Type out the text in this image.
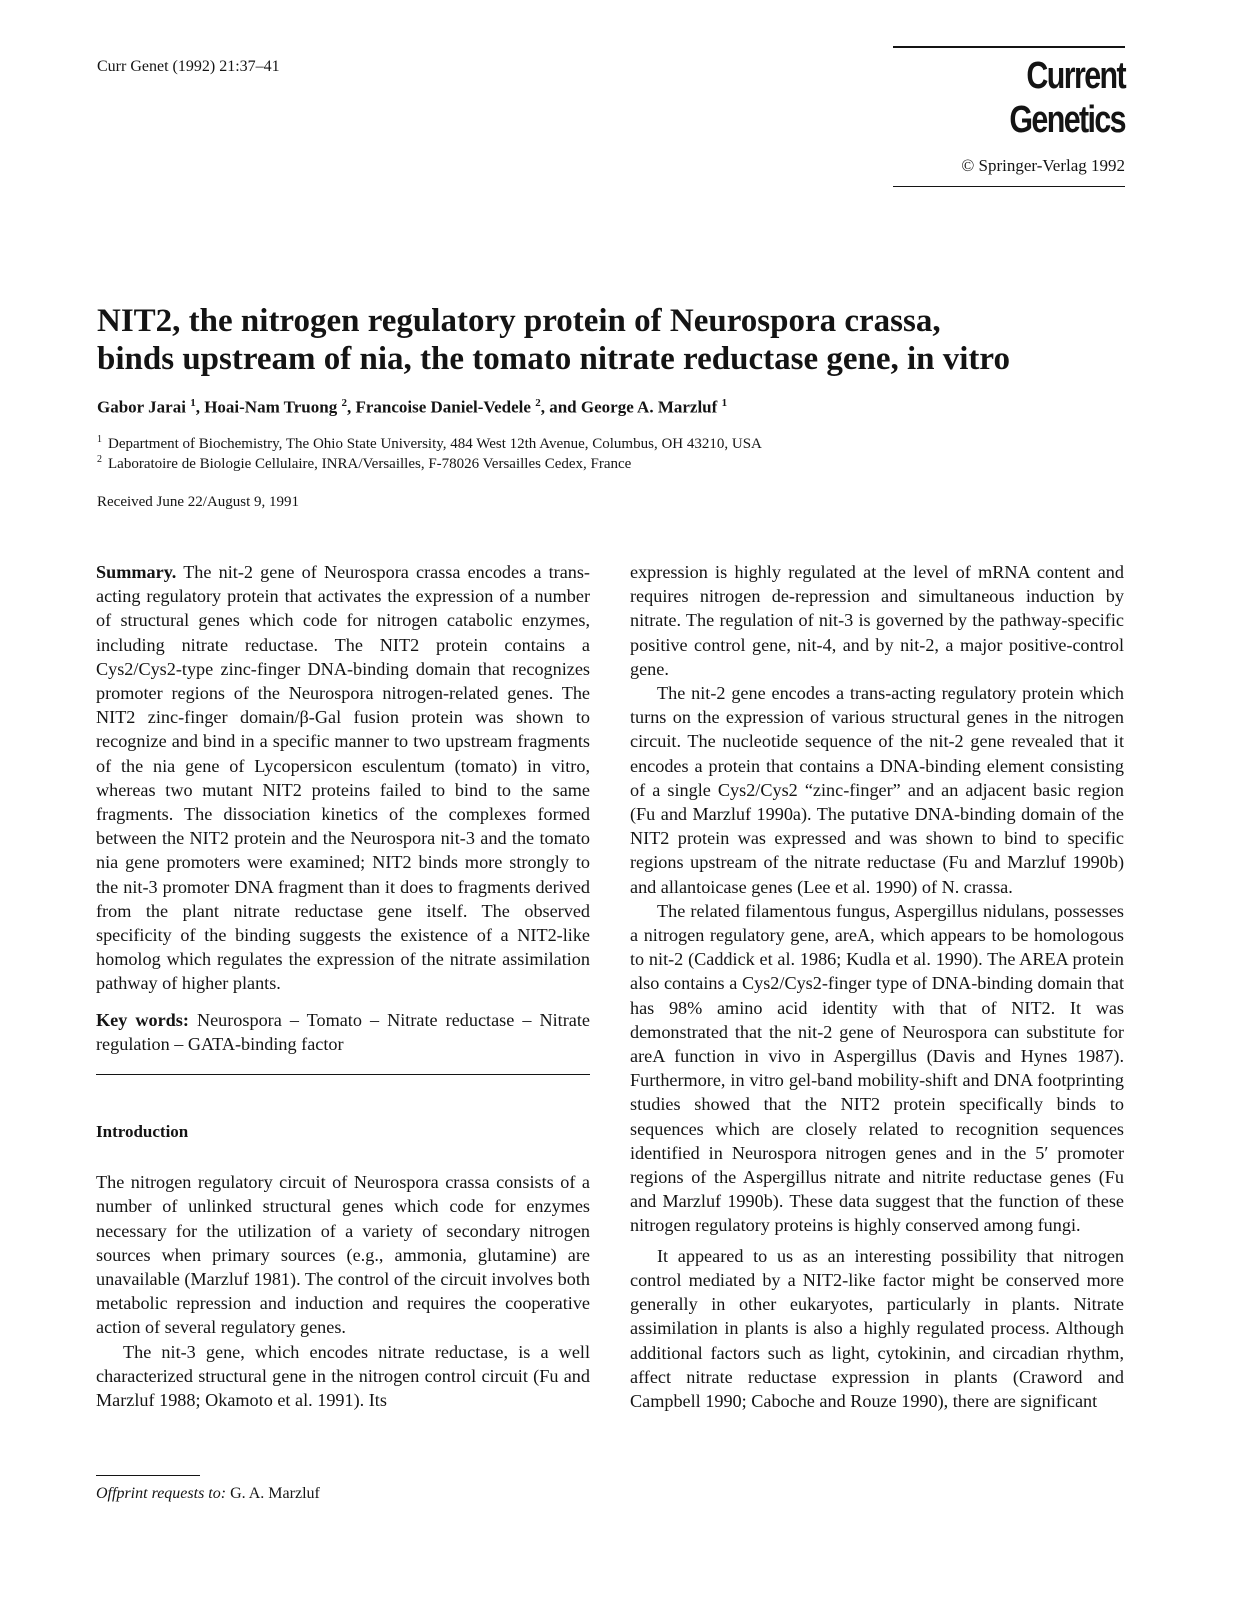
Curr Genet (1992) 21:37–41	Current Genetics
© Springer-Verlag 1992
NIT2, the nitrogen regulatory protein of Neurospora crassa,
binds upstream of nia, the tomato nitrate reductase gene, in vitro
Gabor Jarai $^1$, Hoai-Nam Truong $^2$, Francoise Daniel-Vedele $^2$, and George A. Marzluf $^1$
$^1$ Department of Biochemistry, The Ohio State University, 484 West 12th Avenue, Columbus, OH 43210, USA
$^2$ Laboratoire de Biologie Cellulaire, INRA/Versailles, F-78026 Versailles Cedex, France
Received June 22/August 9, 1991

Summary. The nit-2 gene of Neurospora crassa encodes a trans-acting regulatory protein that activates the expression of a number of structural genes which code for nitrogen catabolic enzymes, including nitrate reductase. The NIT2 protein contains a Cys2/Cys2-type zinc-finger DNA-binding domain that recognizes promoter regions of the Neurospora nitrogen-related genes. The NIT2 zinc-finger domain/β-Gal fusion protein was shown to recognize and bind in a specific manner to two upstream fragments of the nia gene of Lycopersicon esculentum (tomato) in vitro, whereas two mutant NIT2 proteins failed to bind to the same fragments. The dissociation kinetics of the complexes formed between the NIT2 protein and the Neurospora nit-3 and the tomato nia gene promoters were examined; NIT2 binds more strongly to the nit-3 promoter DNA fragment than it does to fragments derived from the plant nitrate reductase gene itself. The observed specificity of the binding suggests the existence of a NIT2-like homolog which regulates the expression of the nitrate assimilation pathway of higher plants.

Key words: Neurospora – Tomato – Nitrate reductase – Nitrate regulation – GATA-binding factor

Introduction

The nitrogen regulatory circuit of Neurospora crassa consists of a number of unlinked structural genes which code for enzymes necessary for the utilization of a variety of secondary nitrogen sources when primary sources (e.g., ammonia, glutamine) are unavailable (Marzluf 1981). The control of the circuit involves both metabolic repression and induction and requires the cooperative action of several regulatory genes.

The nit-3 gene, which encodes nitrate reductase, is a well characterized structural gene in the nitrogen control circuit (Fu and Marzluf 1988; Okamoto et al. 1991). Its

expression is highly regulated at the level of mRNA content and requires nitrogen de-repression and simultaneous induction by nitrate. The regulation of nit-3 is governed by the pathway-specific positive control gene, nit-4, and by nit-2, a major positive-control gene.

The nit-2 gene encodes a trans-acting regulatory protein which turns on the expression of various structural genes in the nitrogen circuit. The nucleotide sequence of the nit-2 gene revealed that it encodes a protein that contains a DNA-binding element consisting of a single Cys2/Cys2 “zinc-finger” and an adjacent basic region (Fu and Marzluf 1990a). The putative DNA-binding domain of the NIT2 protein was expressed and was shown to bind to specific regions upstream of the nitrate reductase (Fu and Marzluf 1990b) and allantoicase genes (Lee et al. 1990) of N. crassa.

The related filamentous fungus, Aspergillus nidulans, possesses a nitrogen regulatory gene, areA, which appears to be homologous to nit-2 (Caddick et al. 1986; Kudla et al. 1990). The AREA protein also contains a Cys2/Cys2-finger type of DNA-binding domain that has 98% amino acid identity with that of NIT2. It was demonstrated that the nit-2 gene of Neurospora can substitute for areA function in vivo in Aspergillus (Davis and Hynes 1987). Furthermore, in vitro gel-band mobility-shift and DNA footprinting studies showed that the NIT2 protein specifically binds to sequences which are closely related to recognition sequences identified in Neurospora nitrogen genes and in the 5′ promoter regions of the Aspergillus nitrate and nitrite reductase genes (Fu and Marzluf 1990b). These data suggest that the function of these nitrogen regulatory proteins is highly conserved among fungi.

It appeared to us as an interesting possibility that nitrogen control mediated by a NIT2-like factor might be conserved more generally in other eukaryotes, particularly in plants. Nitrate assimilation in plants is also a highly regulated process. Although additional factors such as light, cytokinin, and circadian rhythm, affect nitrate reductase expression in plants (Craword and Campbell 1990; Caboche and Rouze 1990), there are significant

Offprint requests to: G. A. Marzluf
